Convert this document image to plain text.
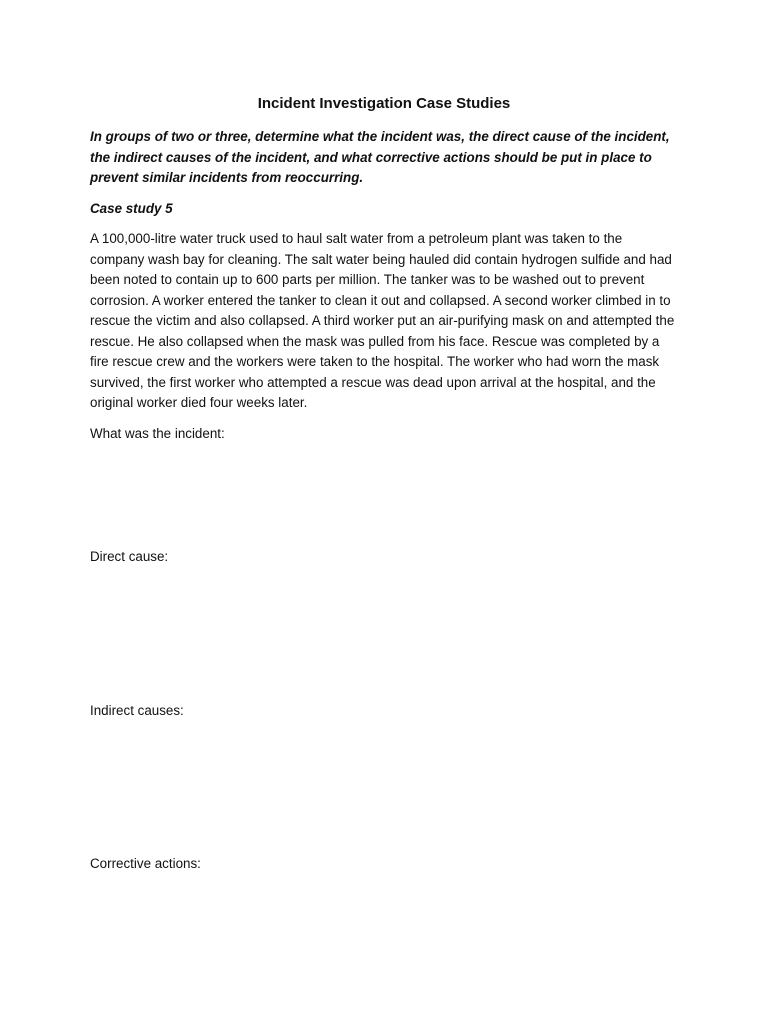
Incident Investigation Case Studies
In groups of two or three, determine what the incident was, the direct cause of the incident, the indirect causes of the incident, and what corrective actions should be put in place to prevent similar incidents from reoccurring.
Case study 5
A 100,000-litre water truck used to haul salt water from a petroleum plant was taken to the company wash bay for cleaning. The salt water being hauled did contain hydrogen sulfide and had been noted to contain up to 600 parts per million. The tanker was to be washed out to prevent corrosion. A worker entered the tanker to clean it out and collapsed. A second worker climbed in to rescue the victim and also collapsed. A third worker put an air-purifying mask on and attempted the rescue. He also collapsed when the mask was pulled from his face. Rescue was completed by a fire rescue crew and the workers were taken to the hospital. The worker who had worn the mask survived, the first worker who attempted a rescue was dead upon arrival at the hospital, and the original worker died four weeks later.
What was the incident:
Direct cause:
Indirect causes:
Corrective actions:
